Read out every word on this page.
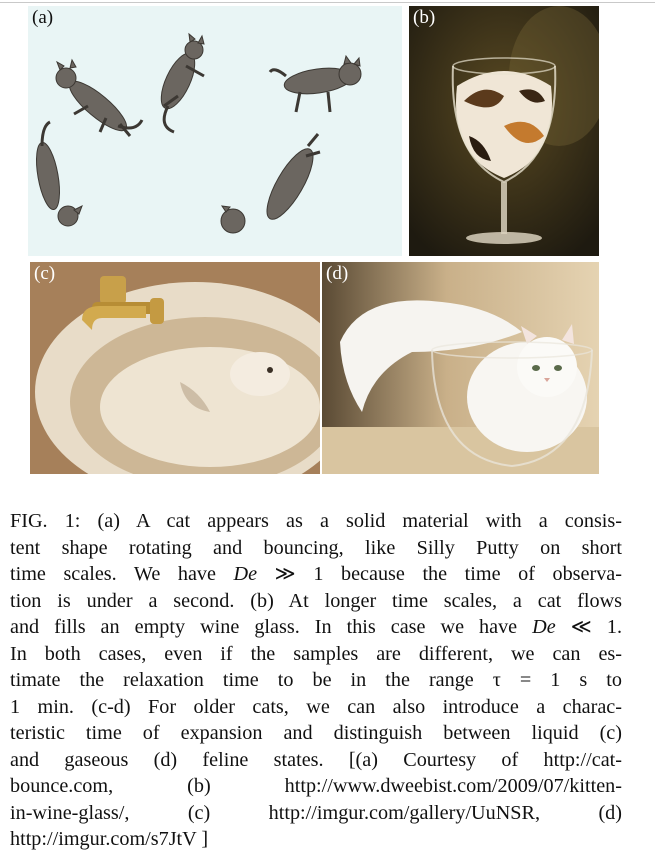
(a)	(b)
(c)	(d)
FIG. 1: (a) A cat appears as a solid material with a consis-
tent shape rotating and bouncing, like Silly Putty on short
time scales. We have De ≫ 1 because the time of observa-
tion is under a second. (b) At longer time scales, a cat flows
and fills an empty wine glass. In this case we have De ≪ 1.
In both cases, even if the samples are different, we can es-
timate the relaxation time to be in the range τ = 1 s to
1 min. (c-d) For older cats, we can also introduce a charac-
teristic time of expansion and distinguish between liquid (c)
and gaseous (d) feline states. [(a) Courtesy of http://cat-
bounce.com, (b) http://www.dweebist.com/2009/07/kitten-
in-wine-glass/, (c) http://imgur.com/gallery/UuNSR, (d)
http://imgur.com/s7JtV ]
